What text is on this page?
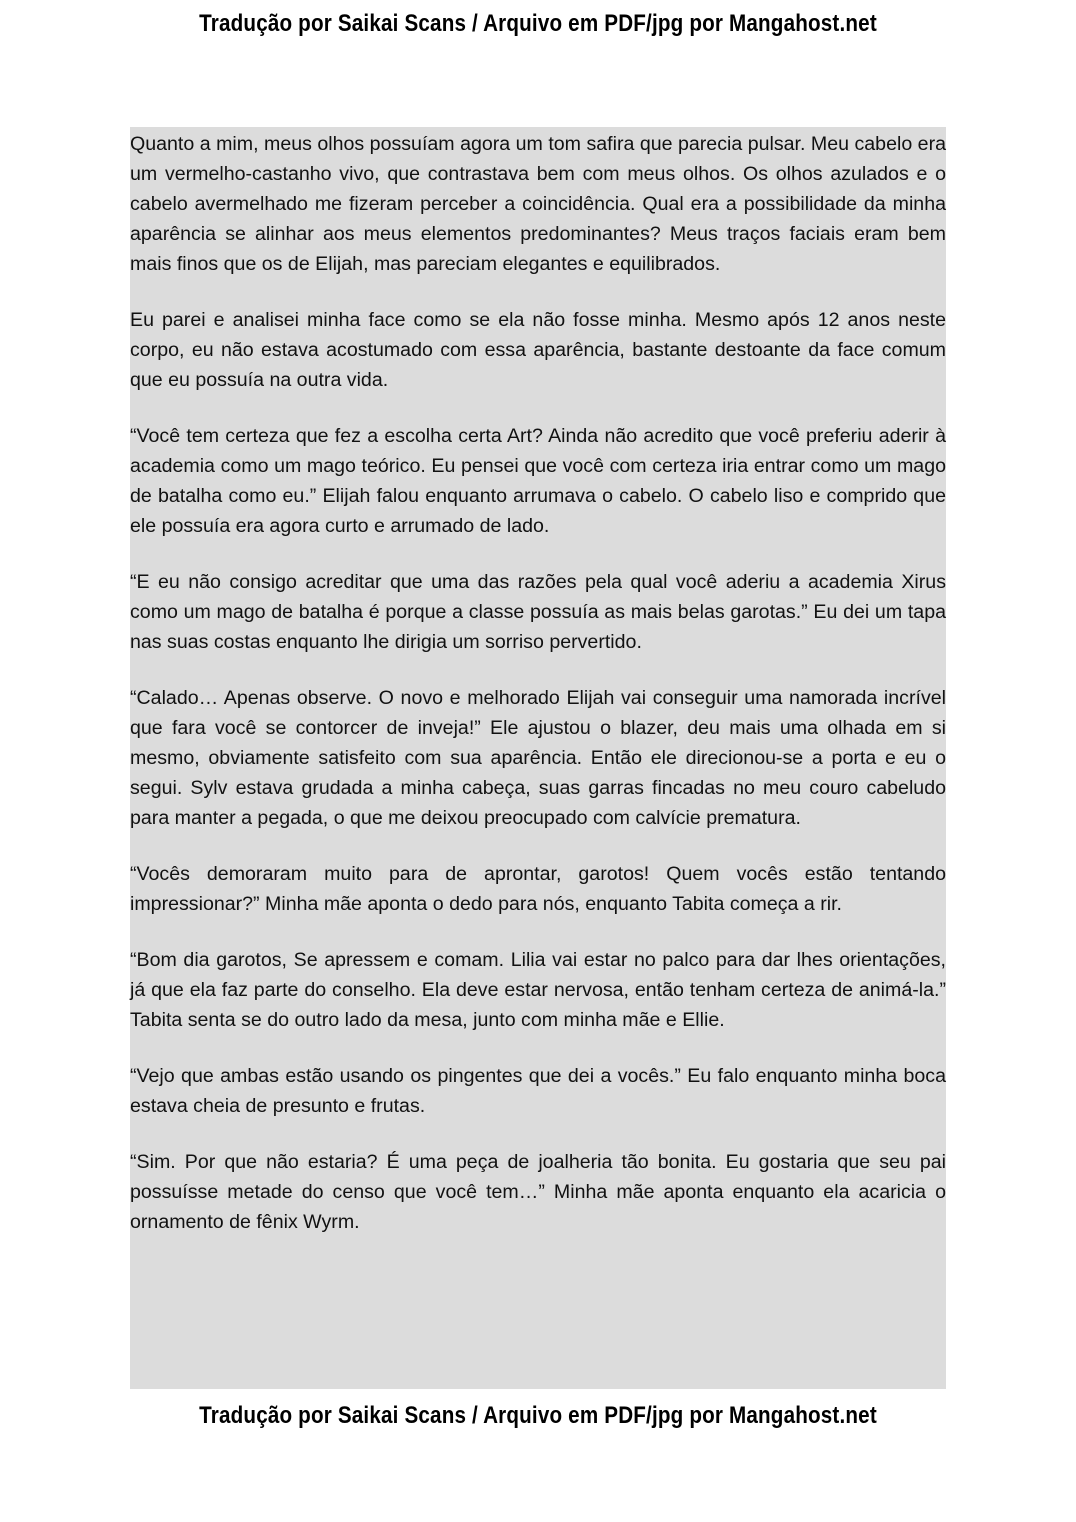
Tradução por Saikai Scans / Arquivo em PDF/jpg por Mangahost.net

Quanto a mim, meus olhos possuíam agora um tom safira que parecia pulsar. Meu cabelo era um vermelho-castanho vivo, que contrastava bem com meus olhos. Os olhos azulados e o cabelo avermelhado me fizeram perceber a coincidência. Qual era a possibilidade da minha aparência se alinhar aos meus elementos predominantes? Meus traços faciais eram bem mais finos que os de Elijah, mas pareciam elegantes e equilibrados.

Eu parei e analisei minha face como se ela não fosse minha. Mesmo após 12 anos neste corpo, eu não estava acostumado com essa aparência, bastante destoante da face comum que eu possuía na outra vida.

“Você tem certeza que fez a escolha certa Art? Ainda não acredito que você preferiu aderir à academia como um mago teórico. Eu pensei que você com certeza iria entrar como um mago de batalha como eu.” Elijah falou enquanto arrumava o cabelo. O cabelo liso e comprido que ele possuía era agora curto e arrumado de lado.

“E eu não consigo acreditar que uma das razões pela qual você aderiu a academia Xirus como um mago de batalha é porque a classe possuía as mais belas garotas.” Eu dei um tapa nas suas costas enquanto lhe dirigia um sorriso pervertido.

“Calado… Apenas observe. O novo e melhorado Elijah vai conseguir uma namorada incrível que fara você se contorcer de inveja!” Ele ajustou o blazer, deu mais uma olhada em si mesmo, obviamente satisfeito com sua aparência. Então ele direcionou-se a porta e eu o segui. Sylv estava grudada a minha cabeça, suas garras fincadas no meu couro cabeludo para manter a pegada, o que me deixou preocupado com calvície prematura.

“Vocês demoraram muito para de aprontar, garotos! Quem vocês estão tentando impressionar?” Minha mãe aponta o dedo para nós, enquanto Tabita começa a rir.

“Bom dia garotos, Se apressem e comam. Lilia vai estar no palco para dar lhes orientações, já que ela faz parte do conselho. Ela deve estar nervosa, então tenham certeza de animá-la.” Tabita senta se do outro lado da mesa, junto com minha mãe e Ellie.

“Vejo que ambas estão usando os pingentes que dei a vocês.” Eu falo enquanto minha boca estava cheia de presunto e frutas.

“Sim. Por que não estaria? É uma peça de joalheria tão bonita. Eu gostaria que seu pai possuísse metade do censo que você tem…” Minha mãe aponta enquanto ela acaricia o ornamento de fênix Wyrm.

Tradução por Saikai Scans / Arquivo em PDF/jpg por Mangahost.net
